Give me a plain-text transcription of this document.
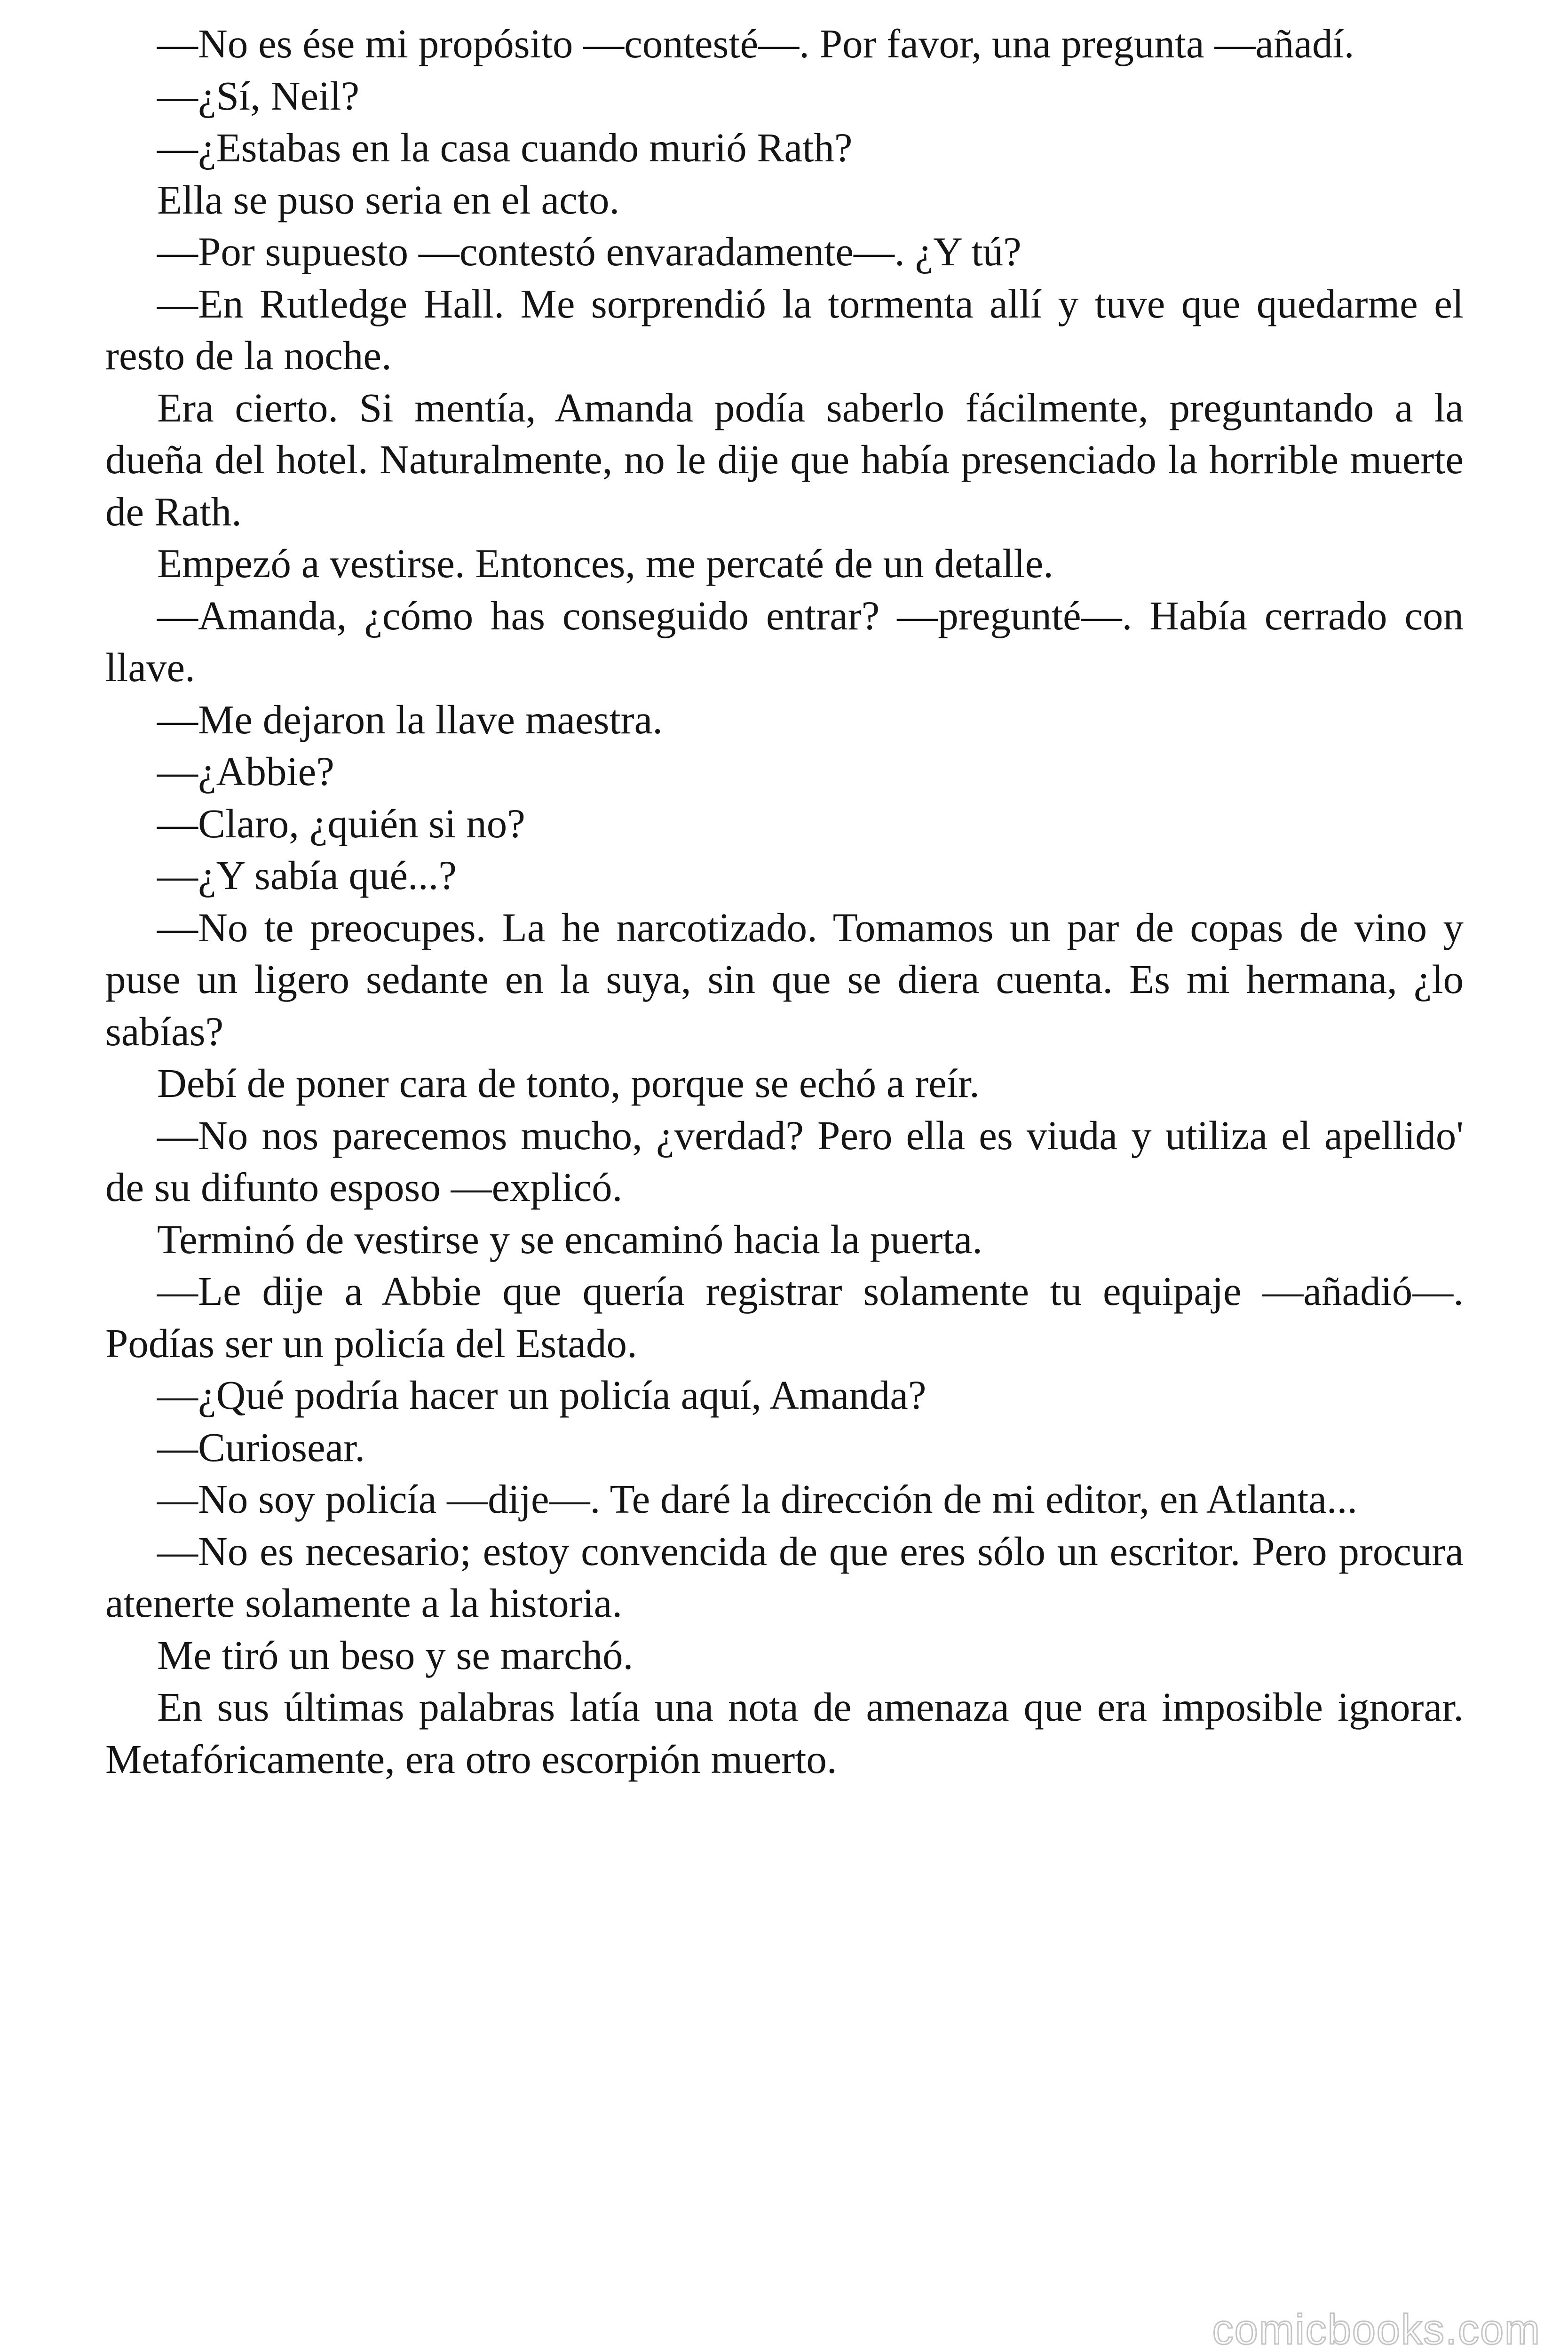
—No es ése mi propósito —contesté—. Por favor, una pregunta —añadí.

—¿Sí, Neil?

—¿Estabas en la casa cuando murió Rath?

Ella se puso seria en el acto.

—Por supuesto —contestó envaradamente—. ¿Y tú?

—En Rutledge Hall. Me sorprendió la tormenta allí y tuve que quedarme el resto de la noche.

Era cierto. Si mentía, Amanda podía saberlo fácilmente, preguntando a la dueña del hotel. Naturalmente, no le dije que había presenciado la horrible muerte de Rath.

Empezó a vestirse. Entonces, me percaté de un detalle.

—Amanda, ¿cómo has conseguido entrar? —pregunté—. Había cerrado con llave.

—Me dejaron la llave maestra.

—¿Abbie?

—Claro, ¿quién si no?

—¿Y sabía qué...?

—No te preocupes. La he narcotizado. Tomamos un par de copas de vino y puse un ligero sedante en la suya, sin que se diera cuenta. Es mi hermana, ¿lo sabías?

Debí de poner cara de tonto, porque se echó a reír.

—No nos parecemos mucho, ¿verdad? Pero ella es viuda y utiliza el apellido' de su difunto esposo —explicó.

Terminó de vestirse y se encaminó hacia la puerta.

—Le dije a Abbie que quería registrar solamente tu equipaje —añadió—. Podías ser un policía del Estado.

—¿Qué podría hacer un policía aquí, Amanda?

—Curiosear.

—No soy policía —dije—. Te daré la dirección de mi editor, en Atlanta...

—No es necesario; estoy convencida de que eres sólo un escritor. Pero procura atenerte solamente a la historia.

Me tiró un beso y se marchó.

En sus últimas palabras latía una nota de amenaza que era imposible ignorar. Metafóricamente, era otro escorpión muerto.

comicbooks.com
